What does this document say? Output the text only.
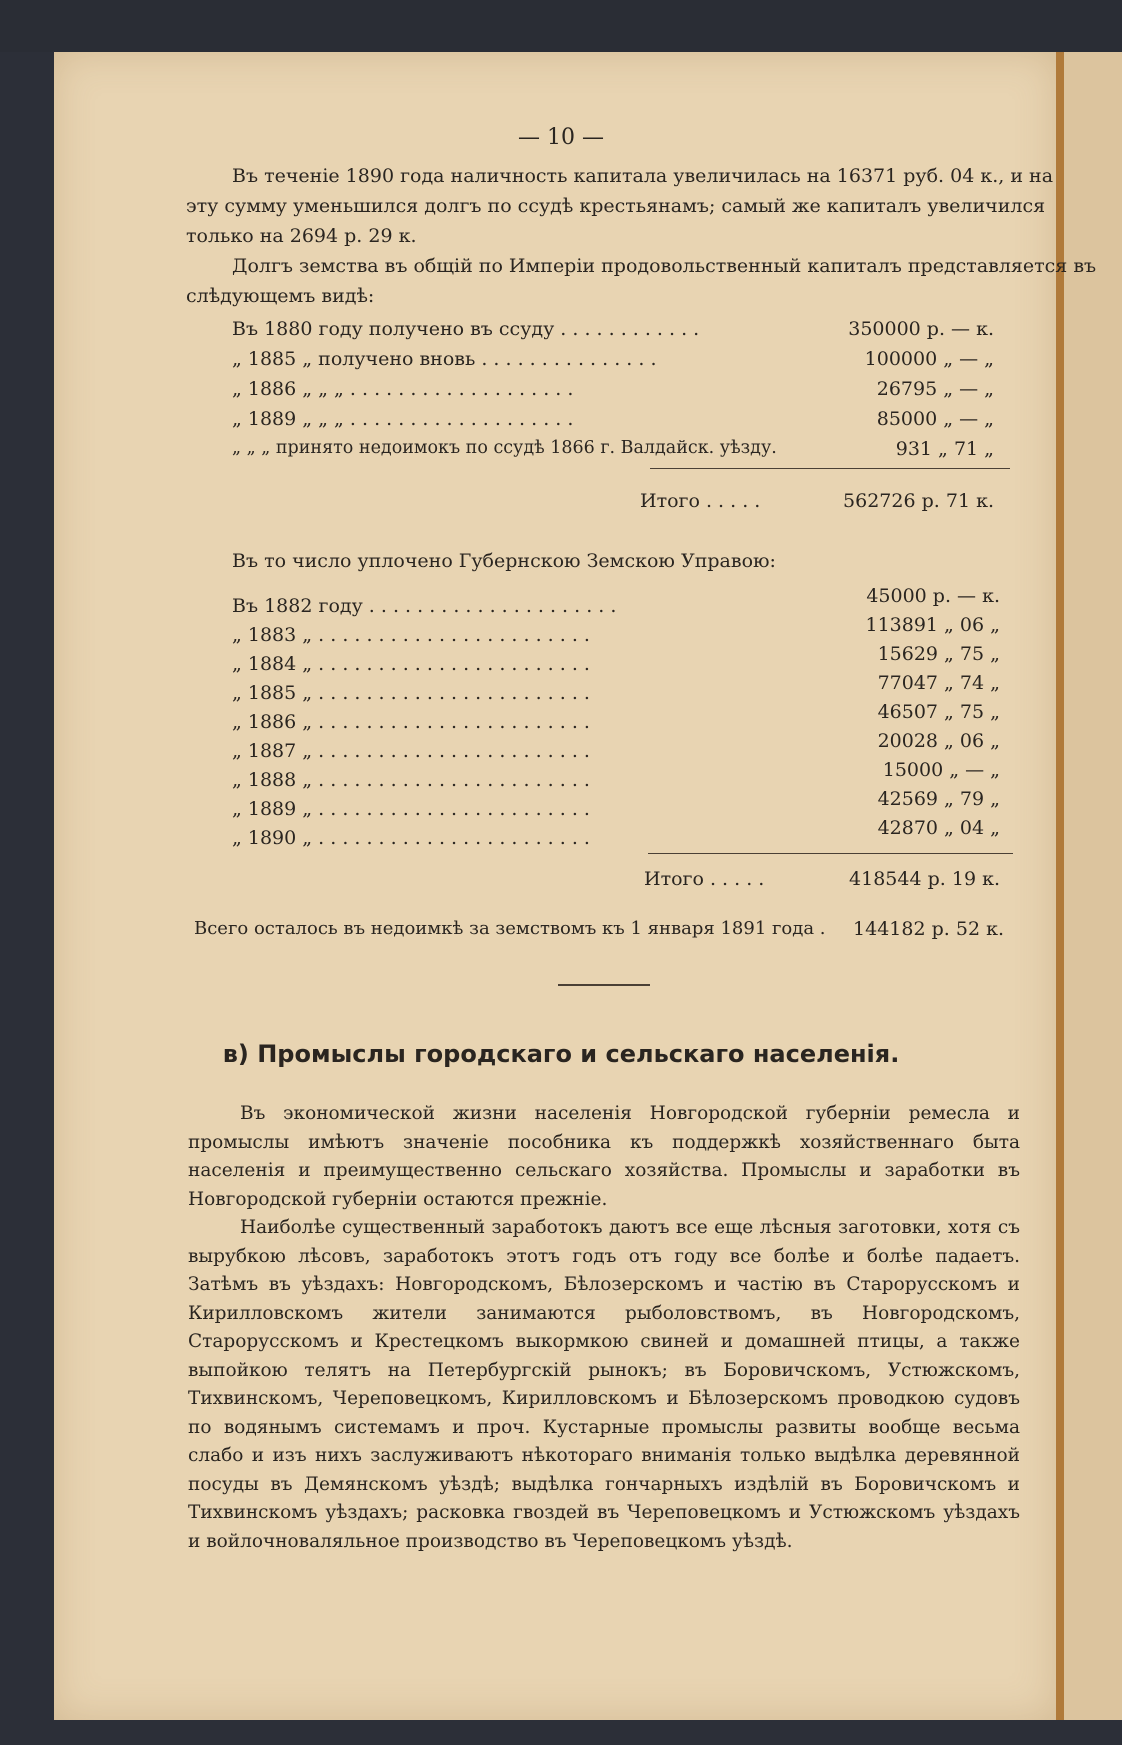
— 10 —
Въ теченіе 1890 года наличность капитала увеличилась на 16371 руб. 04 к., и на
эту сумму уменьшился долгъ по ссудѣ крестьянамъ; самый же капиталъ увеличился
только на 2694 р. 29 к.
Долгъ земства въ общій по Имперіи продовольственный капиталъ представляется въ
слѣдующемъ видѣ:
Въ 1880 году получено въ ссуду . . . . . . . . . . . .	350000 р. — к.
„ 1885 „ получено вновь . . . . . . . . . . . . . . .	100000 „ — „
„ 1886 „ „ „ . . . . . . . . . . . . . . . . . . .	26795 „ — „
„ 1889 „ „ „ . . . . . . . . . . . . . . . . . . .	85000 „ — „
„ „ „ принято недоимокъ по ссудѣ 1866 г. Валдайск. уѣзду.	931 „ 71 „
Итого . . . . .	562726 р. 71 к.
Въ то число уплочено Губернскою Земскою Управою:
Въ 1882 году . . . . . . . . . . . . . . . . . . . . .	45000 р. — к.
„ 1883 „ . . . . . . . . . . . . . . . . . . . . . . .	113891 „ 06 „
„ 1884 „ . . . . . . . . . . . . . . . . . . . . . . .	15629 „ 75 „
„ 1885 „ . . . . . . . . . . . . . . . . . . . . . . .	77047 „ 74 „
„ 1886 „ . . . . . . . . . . . . . . . . . . . . . . .	46507 „ 75 „
„ 1887 „ . . . . . . . . . . . . . . . . . . . . . . .	20028 „ 06 „
„ 1888 „ . . . . . . . . . . . . . . . . . . . . . . .	15000 „ — „
„ 1889 „ . . . . . . . . . . . . . . . . . . . . . . .	42569 „ 79 „
„ 1890 „ . . . . . . . . . . . . . . . . . . . . . . .	42870 „ 04 „
Итого . . . . .	418544 р. 19 к.
Всего осталось въ недоимкѣ за земствомъ къ 1 января 1891 года . 144182 р. 52 к.
в) Промыслы городскаго и сельскаго населенія.

Въ экономической жизни населенія Новгородской губерніи ремесла и промыслы имѣютъ значеніе пособника къ поддержкѣ хозяйственнаго быта населенія и преимущественно сельскаго хозяйства. Промыслы и заработки въ Новгородской губерніи остаются прежніе.

Наиболѣе существенный заработокъ даютъ все еще лѣсныя заготовки, хотя съ вырубкою лѣсовъ, заработокъ этотъ годъ отъ году все болѣе и болѣе падаетъ. Затѣмъ въ уѣздахъ: Новгородскомъ, Бѣлозерскомъ и частію въ Старорусскомъ и Кирилловскомъ жители занимаются рыболовствомъ, въ Новгородскомъ, Старорусскомъ и Крестецкомъ выкормкою свиней и домашней птицы, а также выпойкою телятъ на Петербургскій рынокъ; въ Боровичскомъ, Устюжскомъ, Тихвинскомъ, Череповецкомъ, Кирилловскомъ и Бѣлозерскомъ проводкою судовъ по водянымъ системамъ и проч. Кустарные промыслы развиты вообще весьма слабо и изъ нихъ заслуживаютъ нѣкотораго вниманія только выдѣлка деревянной посуды въ Демянскомъ уѣздѣ; выдѣлка гончарныхъ издѣлій въ Боровичскомъ и Тихвинскомъ уѣздахъ; расковка гвоздей въ Череповецкомъ и Устюжскомъ уѣздахъ и войлочноваляльное производство въ Череповецкомъ уѣздѣ.
